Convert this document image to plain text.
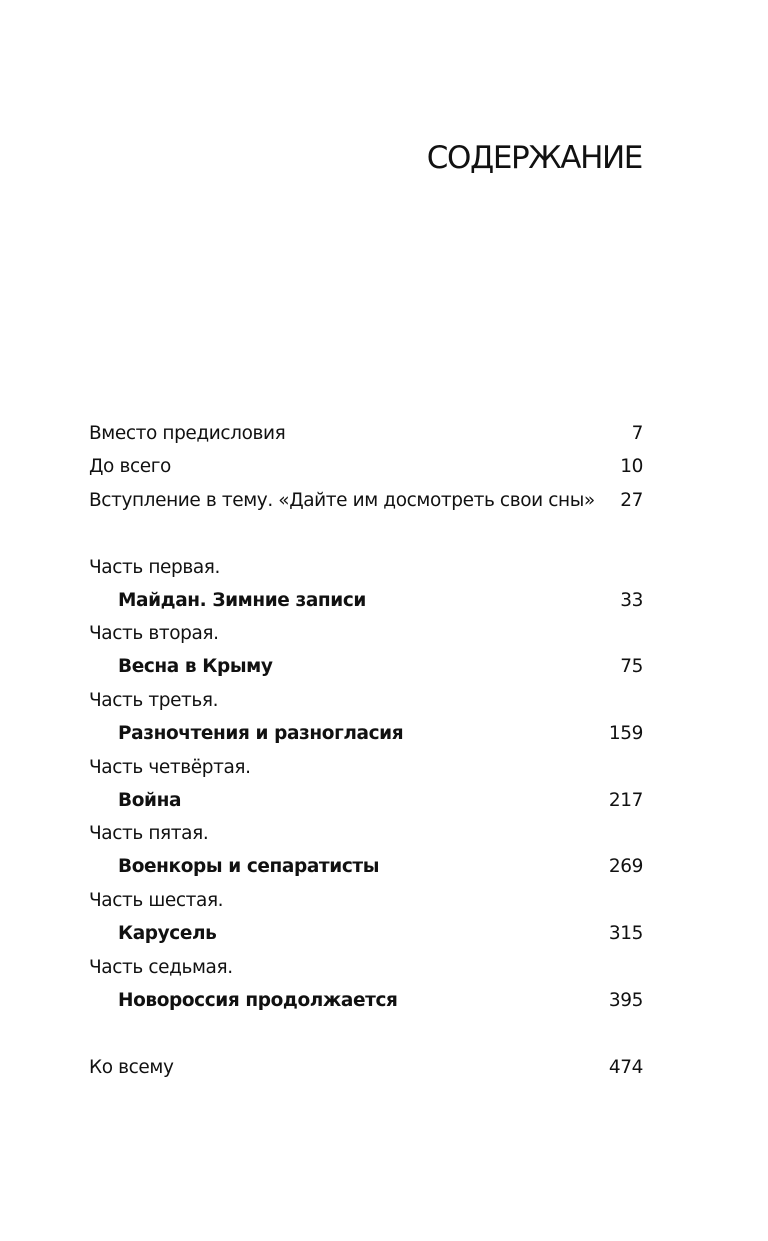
СОДЕРЖАНИЕ
Вместо предисловия	7
До всего	10
Вступление в тему. «Дайте им досмотреть свои сны» 27
Часть первая.
Майдан. Зимние записи	33
Часть вторая.
Весна в Крыму	75
Часть третья.
Разночтения и разногласия	159
Часть четвёртая.
Война	217
Часть пятая.
Военкоры и сепаратисты	269
Часть шестая.
Карусель	315
Часть седьмая.
Новороссия продолжается	395
Ко всему	474
